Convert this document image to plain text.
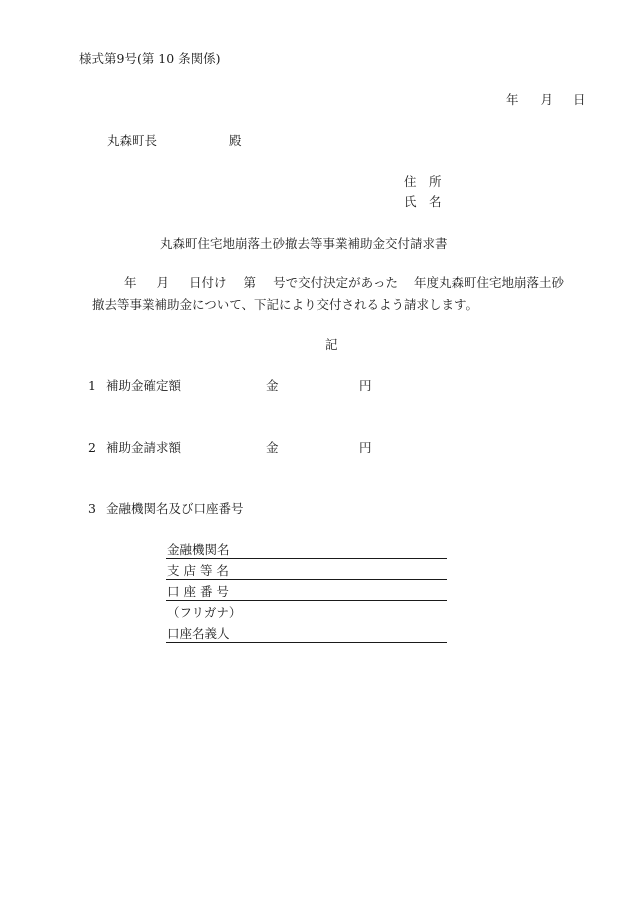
様式第9号(第 10 条関係)
年 月 日
丸森町長	殿
住　所
氏　名
丸森町住宅地崩落土砂撤去等事業補助金交付請求書
年 月 日付け 第 号で交付決定があった 年度丸森町住宅地崩落土砂
撤去等事業補助金について、下記により交付されるよう請求します。
記
1 補助金確定額	金	円
2 補助金請求額	金	円
3 金融機関名及び口座番号
金融機関名
支 店 等 名
口 座 番 号
（フリガナ）
口座名義人
